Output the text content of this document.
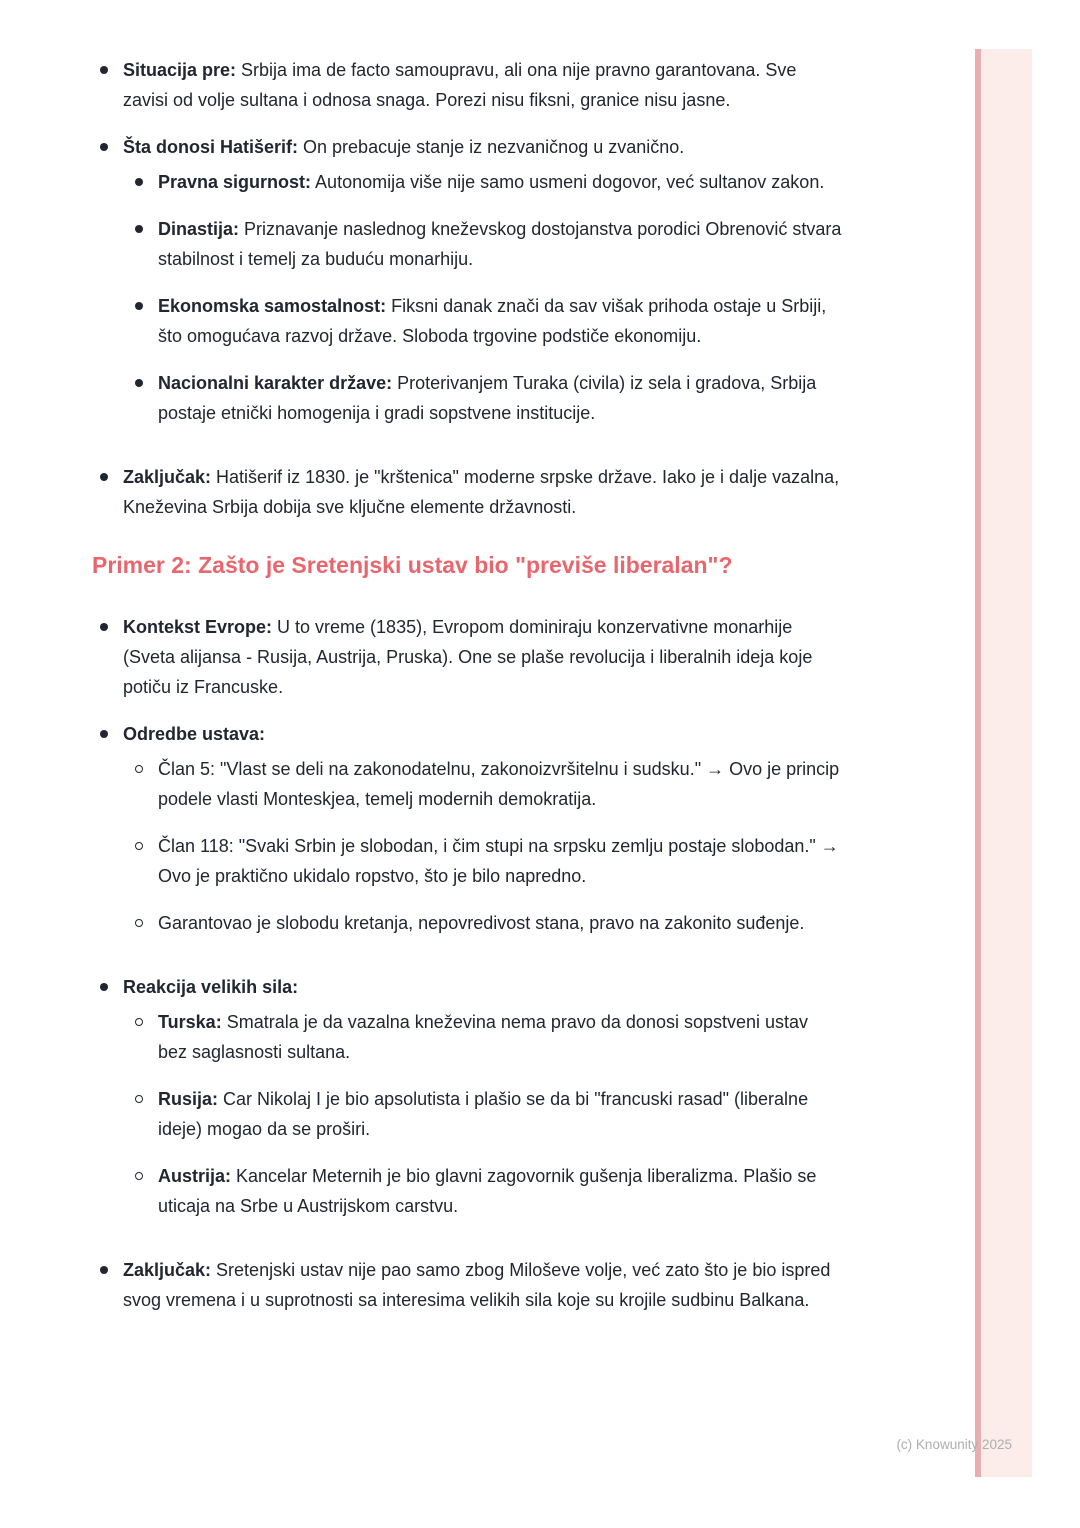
Situacija pre: Srbija ima de facto samoupravu, ali ona nije pravno garantovana. Sve zavisi od volje sultana i odnosa snaga. Porezi nisu fiksni, granice nisu jasne.
Šta donosi Hatišerif: On prebacuje stanje iz nezvaničnog u zvanično.
Pravna sigurnost: Autonomija više nije samo usmeni dogovor, već sultanov zakon.
Dinastija: Priznavanje naslednog kneževskog dostojanstva porodici Obrenović stvara stabilnost i temelj za buduću monarhiju.
Ekonomska samostalnost: Fiksni danak znači da sav višak prihoda ostaje u Srbiji, što omogućava razvoj države. Sloboda trgovine podstiče ekonomiju.
Nacionalni karakter države: Proterivanjem Turaka (civila) iz sela i gradova, Srbija postaje etnički homogenija i gradi sopstvene institucije.
Zaključak: Hatišerif iz 1830. je "krštenica" moderne srpske države. Iako je i dalje vazalna, Kneževina Srbija dobija sve ključne elemente državnosti.
Primer 2: Zašto je Sretenjski ustav bio "previše liberalan"?
Kontekst Evrope: U to vreme (1835), Evropom dominiraju konzervativne monarhije (Sveta alijansa - Rusija, Austrija, Pruska). One se plaše revolucija i liberalnih ideja koje potiču iz Francuske.
Odredbe ustava:
Član 5: "Vlast se deli na zakonodatelnu, zakonoizvršitelnu i sudsku." → Ovo je princip podele vlasti Monteskjea, temelj modernih demokratija.
Član 118: "Svaki Srbin je slobodan, i čim stupi na srpsku zemlju postaje slobodan." → Ovo je praktično ukidalo ropstvo, što je bilo napredno.
Garantovao je slobodu kretanja, nepovredivost stana, pravo na zakonito suđenje.
Reakcija velikih sila:
Turska: Smatrala je da vazalna kneževina nema pravo da donosi sopstveni ustav bez saglasnosti sultana.
Rusija: Car Nikolaj I je bio apsolutista i plašio se da bi "francuski rasad" (liberalne ideje) mogao da se proširi.
Austrija: Kancelar Meternih je bio glavni zagovornik gušenja liberalizma. Plašio se uticaja na Srbe u Austrijskom carstvu.
Zaključak: Sretenjski ustav nije pao samo zbog Miloševe volje, već zato što je bio ispred svog vremena i u suprotnosti sa interesima velikih sila koje su krojile sudbinu Balkana.
(c) Knowunity 2025
